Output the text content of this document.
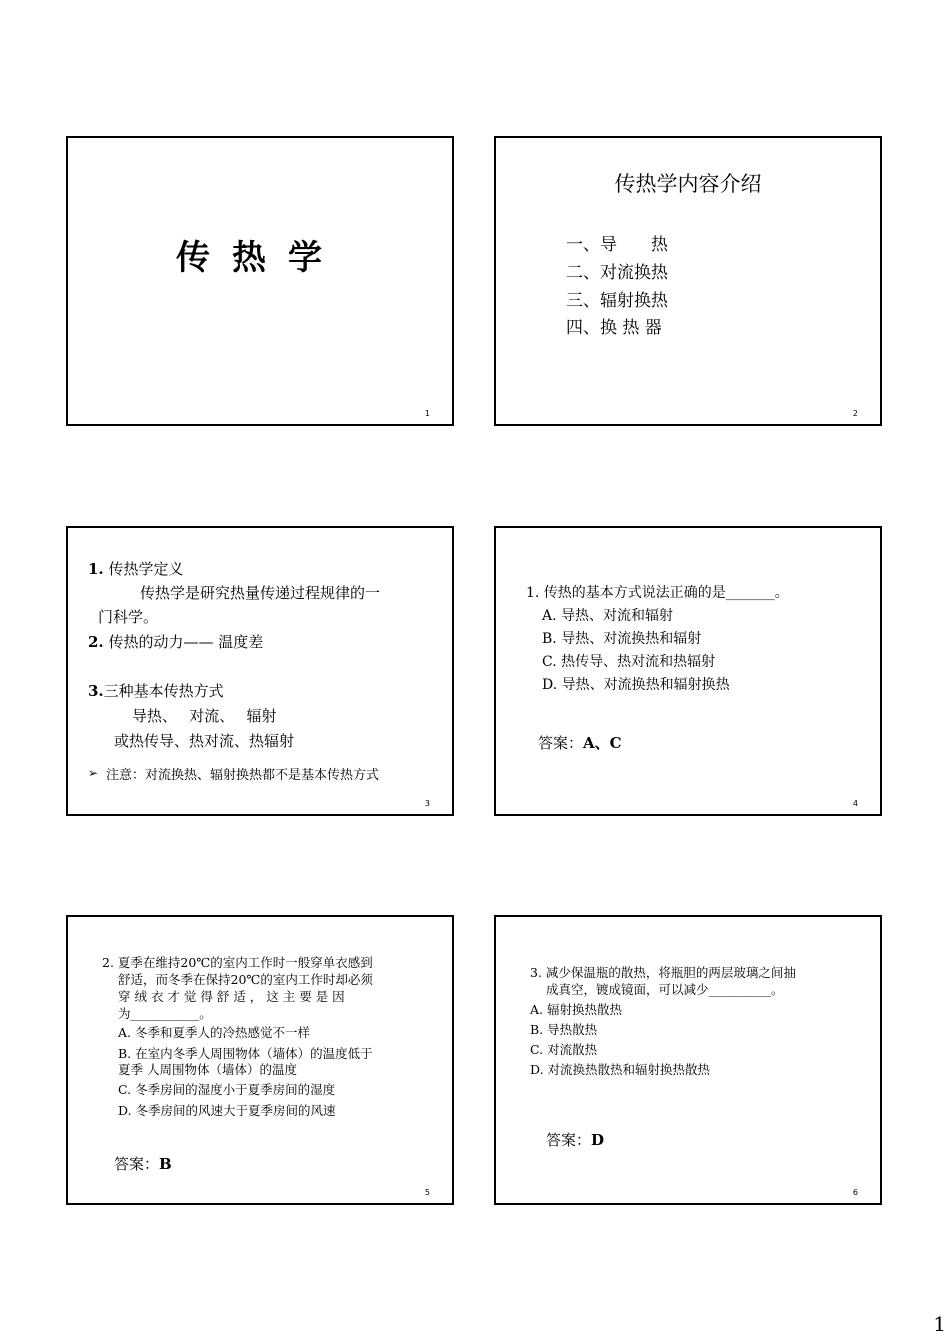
传热学
1
传热学内容介绍
一、导　　热
二、对流换热
三、辐射换热
四、换 热 器
2
1. 传热学定义
传热学是研究热量传递过程规律的一
门科学。
2. 传热的动力—— 温度差
3.三种基本传热方式
导热、　 对流、　 辐射
或热传导、热对流、热辐射
➢ 注意：对流换热、辐射换热都不是基本传热方式
3
1. 传热的基本方式说法正确的是_______。
A. 导热、对流和辐射
B. 导热、对流换热和辐射
C. 热传导、热对流和热辐射
D. 导热、对流换热和辐射换热
答案：A、C
4
2. 夏季在维持20℃的室内工作时一般穿单衣感到
舒适，而冬季在保持20℃的室内工作时却必须
穿 绒 衣 才 觉 得 舒 适 ， 这 主 要 是 因
为___________。
A. 冬季和夏季人的冷热感觉不一样
B. 在室内冬季人周围物体（墙体）的温度低于
夏季 人周围物体（墙体）的温度
C. 冬季房间的湿度小于夏季房间的湿度
D. 冬季房间的风速大于夏季房间的风速
答案：B
5
3. 减少保温瓶的散热，将瓶胆的两层玻璃之间抽
成真空，镀成镜面，可以减少__________。
A. 辐射换热散热
B. 导热散热
C. 对流散热
D. 对流换热散热和辐射换热散热
答案：D
6
1
